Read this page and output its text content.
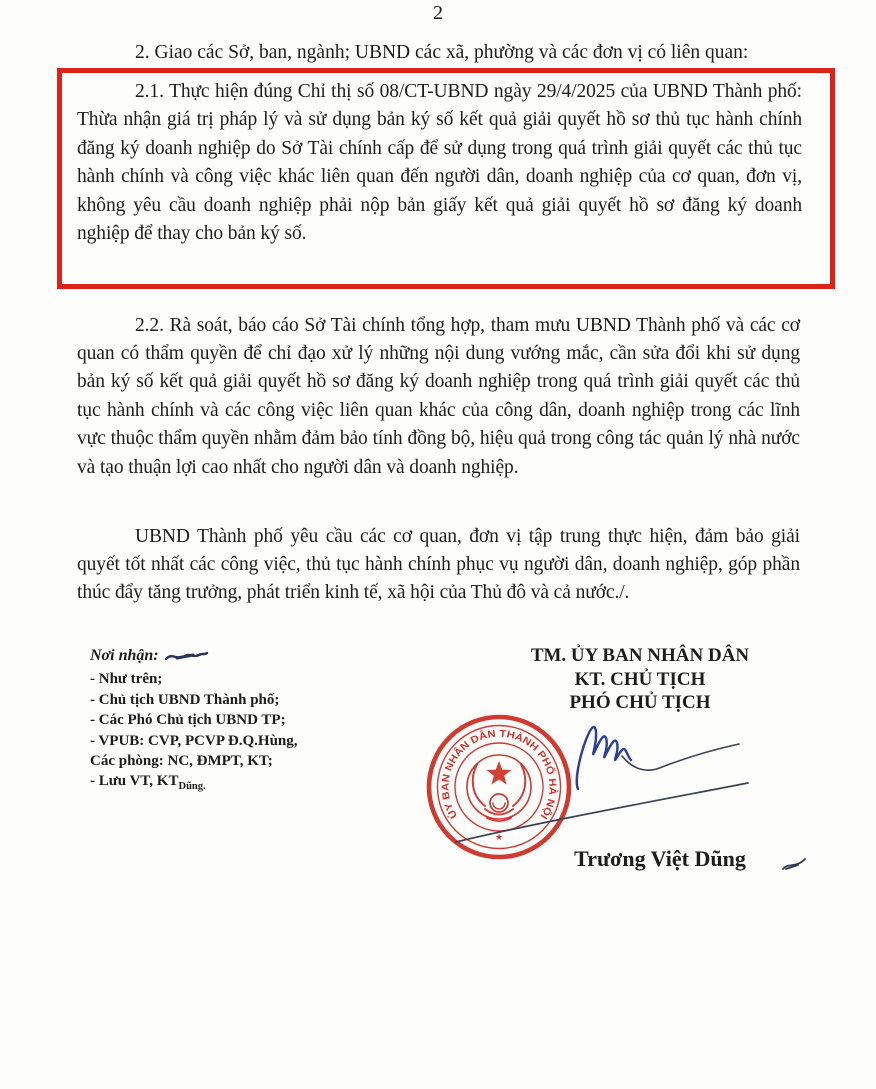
2
2. Giao các Sở, ban, ngành; UBND các xã, phường và các đơn vị có liên quan:

2.1. Thực hiện đúng Chỉ thị số 08/CT-UBND ngày 29/4/2025 của UBND Thành phố: Thừa nhận giá trị pháp lý và sử dụng bản ký số kết quả giải quyết hồ sơ thủ tục hành chính đăng ký doanh nghiệp do Sở Tài chính cấp để sử dụng trong quá trình giải quyết các thủ tục hành chính và công việc khác liên quan đến người dân, doanh nghiệp của cơ quan, đơn vị, không yêu cầu doanh nghiệp phải nộp bản giấy kết quả giải quyết hồ sơ đăng ký doanh nghiệp để thay cho bản ký số.

2.2. Rà soát, báo cáo Sở Tài chính tổng hợp, tham mưu UBND Thành phố và các cơ quan có thẩm quyền để chỉ đạo xử lý những nội dung vướng mắc, cần sửa đổi khi sử dụng bản ký số kết quả giải quyết hồ sơ đăng ký doanh nghiệp trong quá trình giải quyết các thủ tục hành chính và các công việc liên quan khác của công dân, doanh nghiệp trong các lĩnh vực thuộc thẩm quyền nhằm đảm bảo tính đồng bộ, hiệu quả trong công tác quản lý nhà nước và tạo thuận lợi cao nhất cho người dân và doanh nghiệp.

UBND Thành phố yêu cầu các cơ quan, đơn vị tập trung thực hiện, đảm bảo giải quyết tốt nhất các công việc, thủ tục hành chính phục vụ người dân, doanh nghiệp, góp phần thúc đẩy tăng trưởng, phát triển kinh tế, xã hội của Thủ đô và cả nước./.

Nơi nhận:
- Như trên;
- Chủ tịch UBND Thành phố;
- Các Phó Chủ tịch UBND TP;
- VPUB: CVP, PCVP Đ.Q.Hùng,
Các phòng: NC, ĐMPT, KT;
- Lưu VT, $KT_{Dũng.}$
TM. ỦY BAN NHÂN DÂN
KT. CHỦ TỊCH
PHÓ CHỦ TỊCH
ỦY BAN NHÂN DÂN THÀNH PHỐ HÀ NỘI
★
Trương Việt Dũng
